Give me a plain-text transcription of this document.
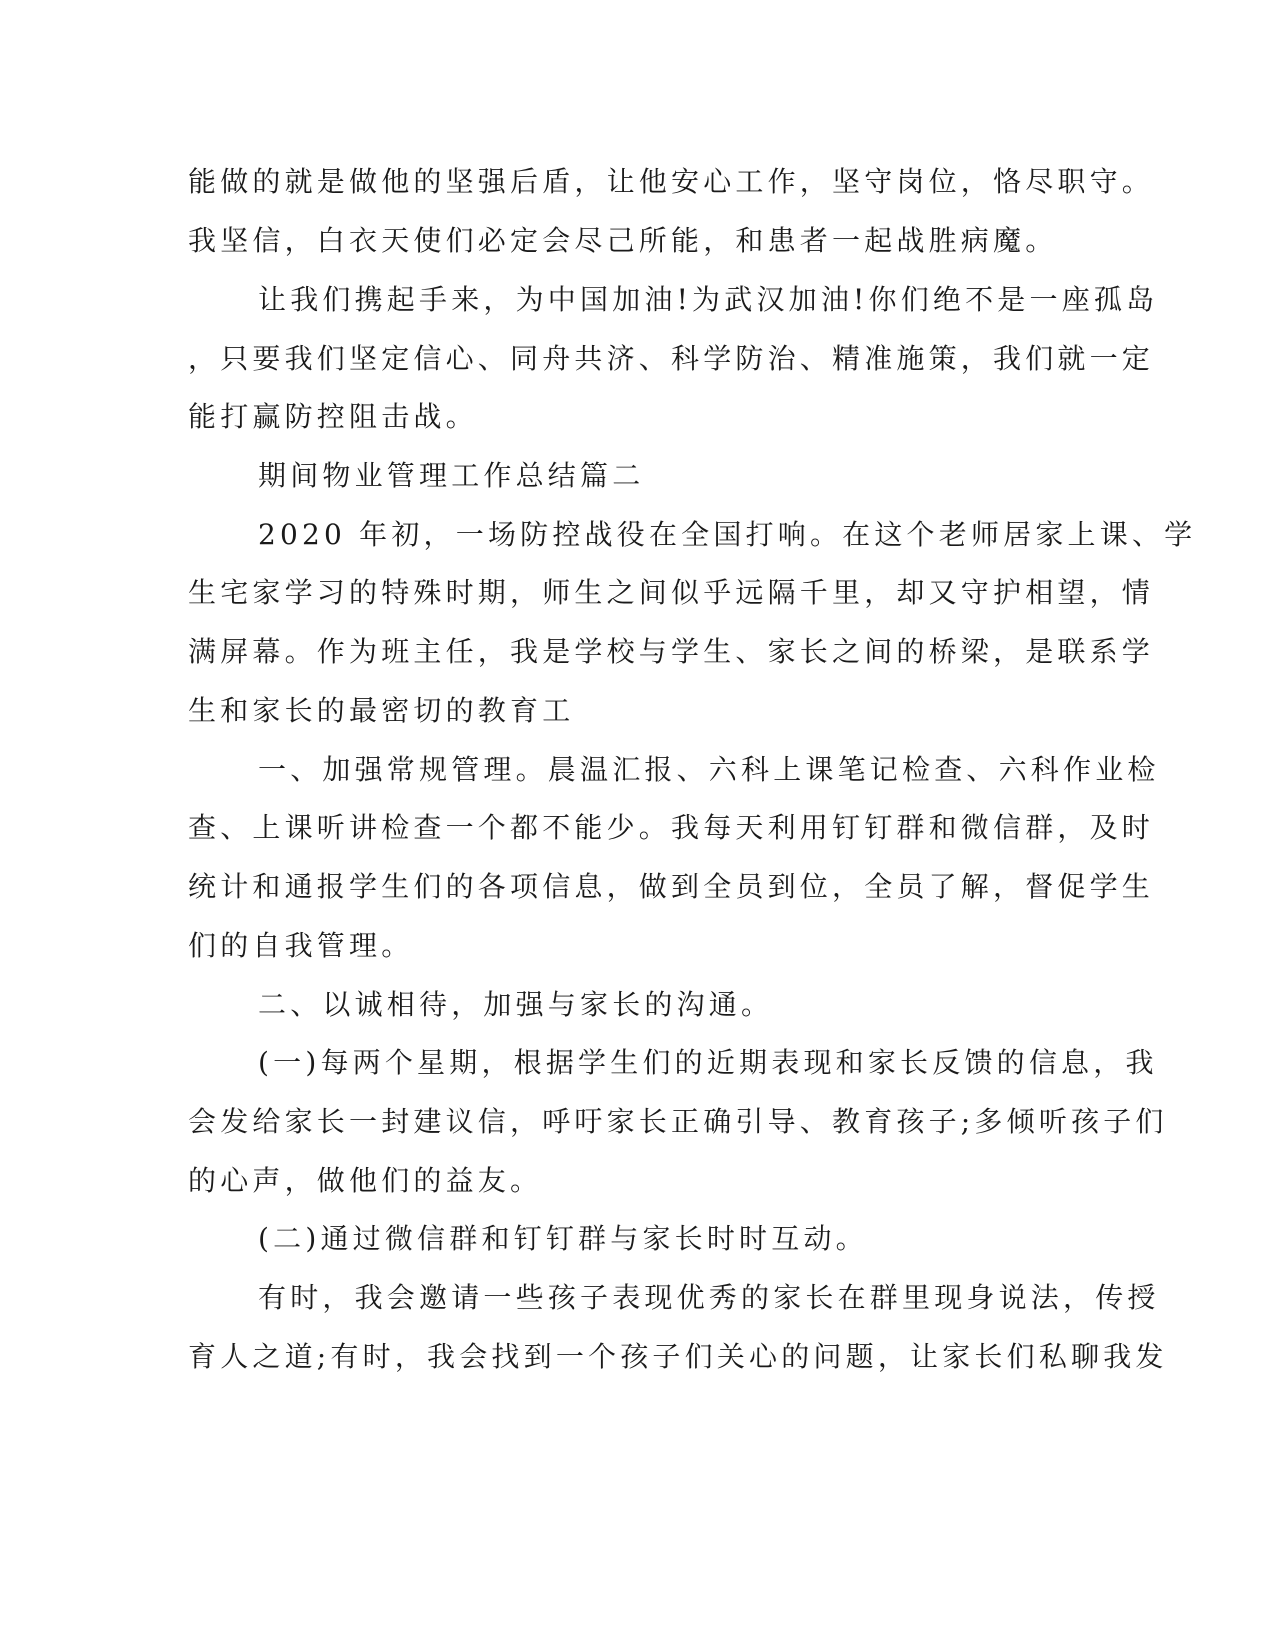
能做的就是做他的坚强后盾，让他安心工作，坚守岗位，恪尽职守。
我坚信，白衣天使们必定会尽己所能，和患者一起战胜病魔。
让我们携起手来，为中国加油!为武汉加油!你们绝不是一座孤岛
，只要我们坚定信心、同舟共济、科学防治、精准施策，我们就一定
能打赢防控阻击战。
期间物业管理工作总结篇二
2020 年初，一场防控战役在全国打响。在这个老师居家上课、学
生宅家学习的特殊时期，师生之间似乎远隔千里，却又守护相望，情
满屏幕。作为班主任，我是学校与学生、家长之间的桥梁，是联系学
生和家长的最密切的教育工
一、加强常规管理。晨温汇报、六科上课笔记检查、六科作业检
查、上课听讲检查一个都不能少。我每天利用钉钉群和微信群，及时
统计和通报学生们的各项信息，做到全员到位，全员了解，督促学生
们的自我管理。
二、以诚相待，加强与家长的沟通。
(一)每两个星期，根据学生们的近期表现和家长反馈的信息，我
会发给家长一封建议信，呼吁家长正确引导、教育孩子;多倾听孩子们
的心声，做他们的益友。
(二)通过微信群和钉钉群与家长时时互动。
有时，我会邀请一些孩子表现优秀的家长在群里现身说法，传授
育人之道;有时，我会找到一个孩子们关心的问题，让家长们私聊我发
